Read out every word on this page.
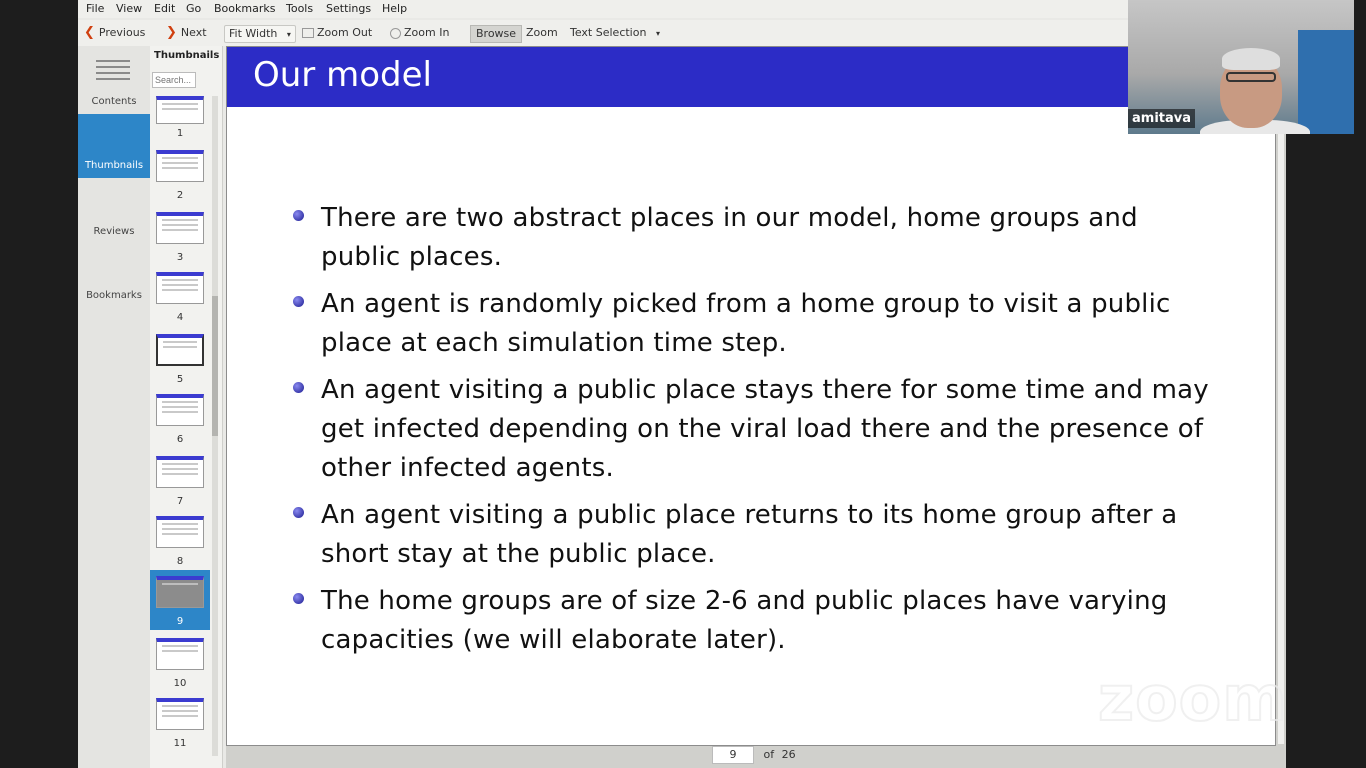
File View Edit Go Bookmarks Tools Settings Help
❮ Previous ❯ Next	Fit Width ▾	Zoom Out	Zoom In	Browse Zoom Text Selection ▾
Contents
Thumbnails
Reviews
Bookmarks
Thumbnails
Search...
1
2
3
4
5
6
7
8
9
10
11
Our model
There are two abstract places in our model, home groups and public places.
An agent is randomly picked from a home group to visit a public place at each simulation time step.
An agent visiting a public place stays there for some time and may get infected depending on the viral load there and the presence of other infected agents.
An agent visiting a public place returns to its home group after a short stay at the public place.
The home groups are of size 2-6 and public places have varying capacities (we will elaborate later).
9 of 26
amitava
zoom
